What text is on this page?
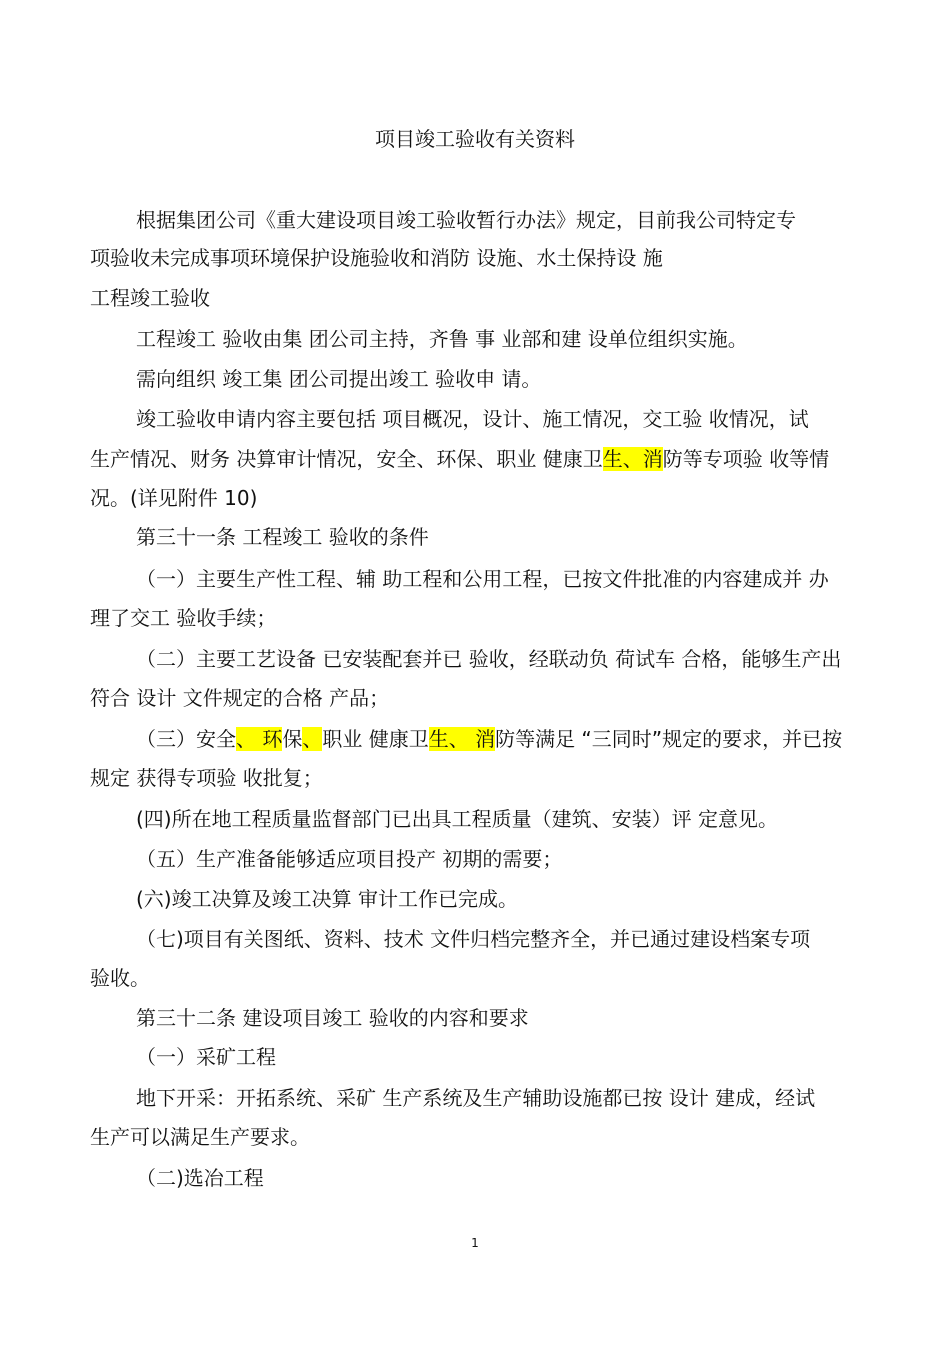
项目竣工验收有关资料

根据集团公司《重大建设项目竣工验收暂行办法》规定，目前我公司特定专

项验收未完成事项环境保护设施验收和消防 设施、水土保持设 施

工程竣工验收

工程竣工 验收由集 团公司主持，齐鲁 事 业部和建 设单位组织实施。

需向组织 竣工集 团公司提出竣工 验收申 请。

竣工验收申请内容主要包括 项目概况，设计、施工情况，交工验 收情况，试

生产情况、财务 决算审计情况，安全、环保、职业 健康卫生、消防等专项验 收等情

况。(详见附件 10)

第三十一条 工程竣工 验收的条件

（一）主要生产性工程、辅 助工程和公用工程，已按文件批准的内容建成并 办

理了交工 验收手续；

（二）主要工艺设备 已安装配套并已 验收，经联动负 荷试车 合格，能够生产出

符合 设计 文件规定的合格 产品；

（三）安全、 环保、职业 健康卫生、 消防等满足 “三同时”规定的要求，并已按

规定 获得专项验 收批复；

(四)所在地工程质量监督部门已出具工程质量（建筑、安装）评 定意见。

（五）生产准备能够适应项目投产 初期的需要；

(六)竣工决算及竣工决算 审计工作已完成。

（七)项目有关图纸、资料、技术 文件归档完整齐全，并已通过建设档案专项

验收。

第三十二条 建设项目竣工 验收的内容和要求

（一）采矿工程

地下开采：开拓系统、采矿 生产系统及生产辅助设施都已按 设计 建成，经试

生产可以满足生产要求。

（二)选冶工程

1
